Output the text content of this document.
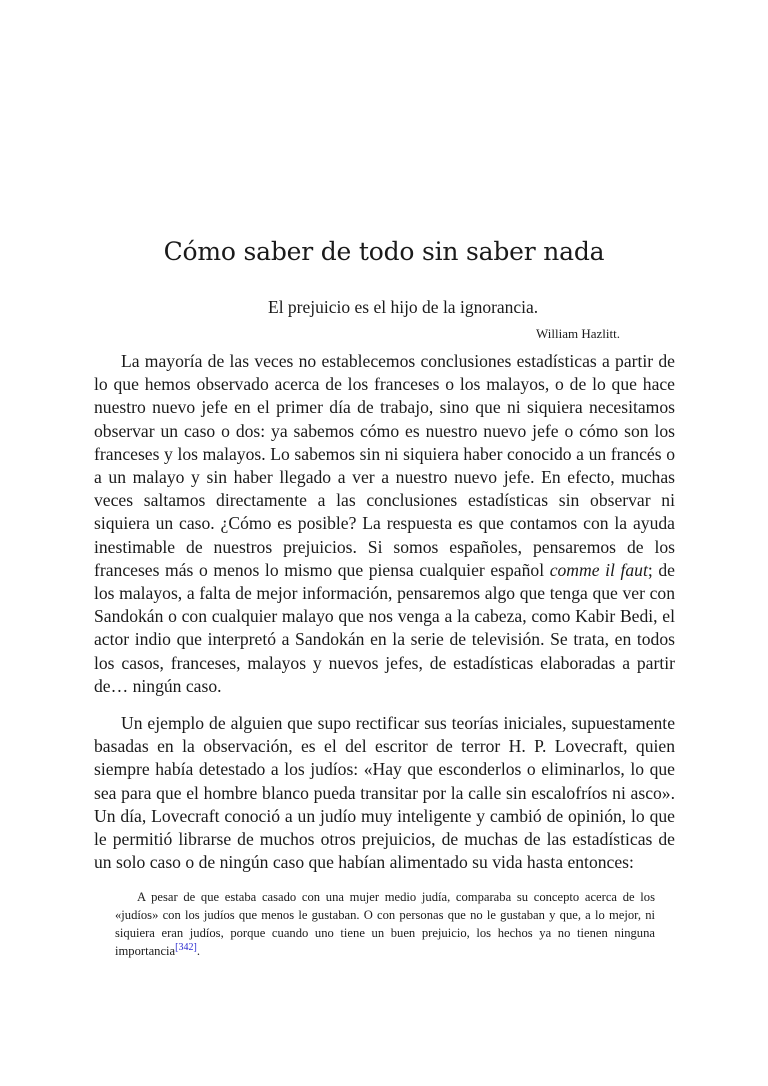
Cómo saber de todo sin saber nada

El prejuicio es el hijo de la ignorancia.

William Hazlitt.

La mayoría de las veces no establecemos conclusiones estadísticas a partir de lo que hemos observado acerca de los franceses o los malayos, o de lo que hace nuestro nuevo jefe en el primer día de trabajo, sino que ni siquiera necesitamos observar un caso o dos: ya sabemos cómo es nuestro nuevo jefe o cómo son los franceses y los malayos. Lo sabemos sin ni siquiera haber conocido a un francés o a un malayo y sin haber llegado a ver a nuestro nuevo jefe. En efecto, muchas veces saltamos directamente a las conclusiones estadísticas sin observar ni siquiera un caso. ¿Cómo es posible? La respuesta es que contamos con la ayuda inestimable de nuestros prejuicios. Si somos españoles, pensaremos de los franceses más o menos lo mismo que piensa cualquier español comme il faut; de los malayos, a falta de mejor información, pensaremos algo que tenga que ver con Sandokán o con cualquier malayo que nos venga a la cabeza, como Kabir Bedi, el actor indio que interpretó a Sandokán en la serie de televisión. Se trata, en todos los casos, franceses, malayos y nuevos jefes, de estadísticas elaboradas a partir de… ningún caso.

Un ejemplo de alguien que supo rectificar sus teorías iniciales, supuestamente basadas en la observación, es el del escritor de terror H. P. Lovecraft, quien siempre había detestado a los judíos: «Hay que esconderlos o eliminarlos, lo que sea para que el hombre blanco pueda transitar por la calle sin escalofríos ni asco». Un día, Lovecraft conoció a un judío muy inteligente y cambió de opinión, lo que le permitió librarse de muchos otros prejuicios, de muchas de las estadísticas de un solo caso o de ningún caso que habían alimentado su vida hasta entonces:

A pesar de que estaba casado con una mujer medio judía, comparaba su concepto acerca de los «judíos» con los judíos que menos le gustaban. O con personas que no le gustaban y que, a lo mejor, ni siquiera eran judíos, porque cuando uno tiene un buen prejuicio, los hechos ya no tienen ninguna importancia[342].
